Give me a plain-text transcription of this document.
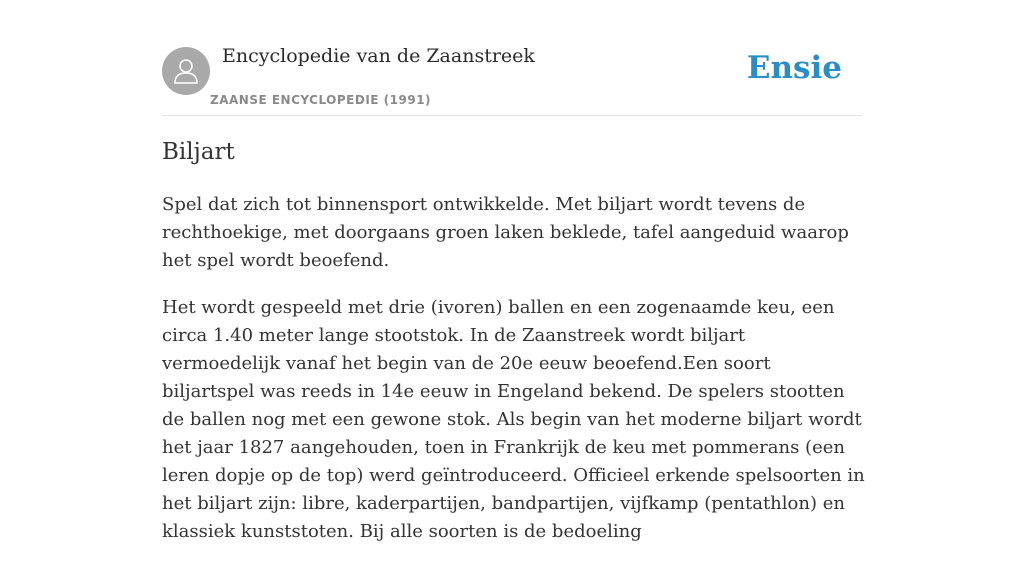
Encyclopedie van de Zaanstreek
ZAANSE ENCYCLOPEDIE (1991)
Ensie
Biljart

Spel dat zich tot binnensport ontwikkelde. Met biljart wordt tevens de rechthoekige, met doorgaans groen laken beklede, tafel aangeduid waarop het spel wordt beoefend.

Het wordt gespeeld met drie (ivoren) ballen en een zogenaamde keu, een circa 1.40 meter lange stootstok. In de Zaanstreek wordt biljart vermoedelijk vanaf het begin van de 20e eeuw beoefend.Een soort biljartspel was reeds in 14e eeuw in Engeland bekend. De spelers stootten de ballen nog met een gewone stok. Als begin van het moderne biljart wordt het jaar 1827 aangehouden, toen in Frankrijk de keu met pommerans (een leren dopje op de top) werd geïntroduceerd. Officieel erkende spelsoorten in het biljart zijn: libre, kaderpartijen, bandpartijen, vijfkamp (pentathlon) en klassiek kunststoten. Bij alle soorten is de bedoeling
